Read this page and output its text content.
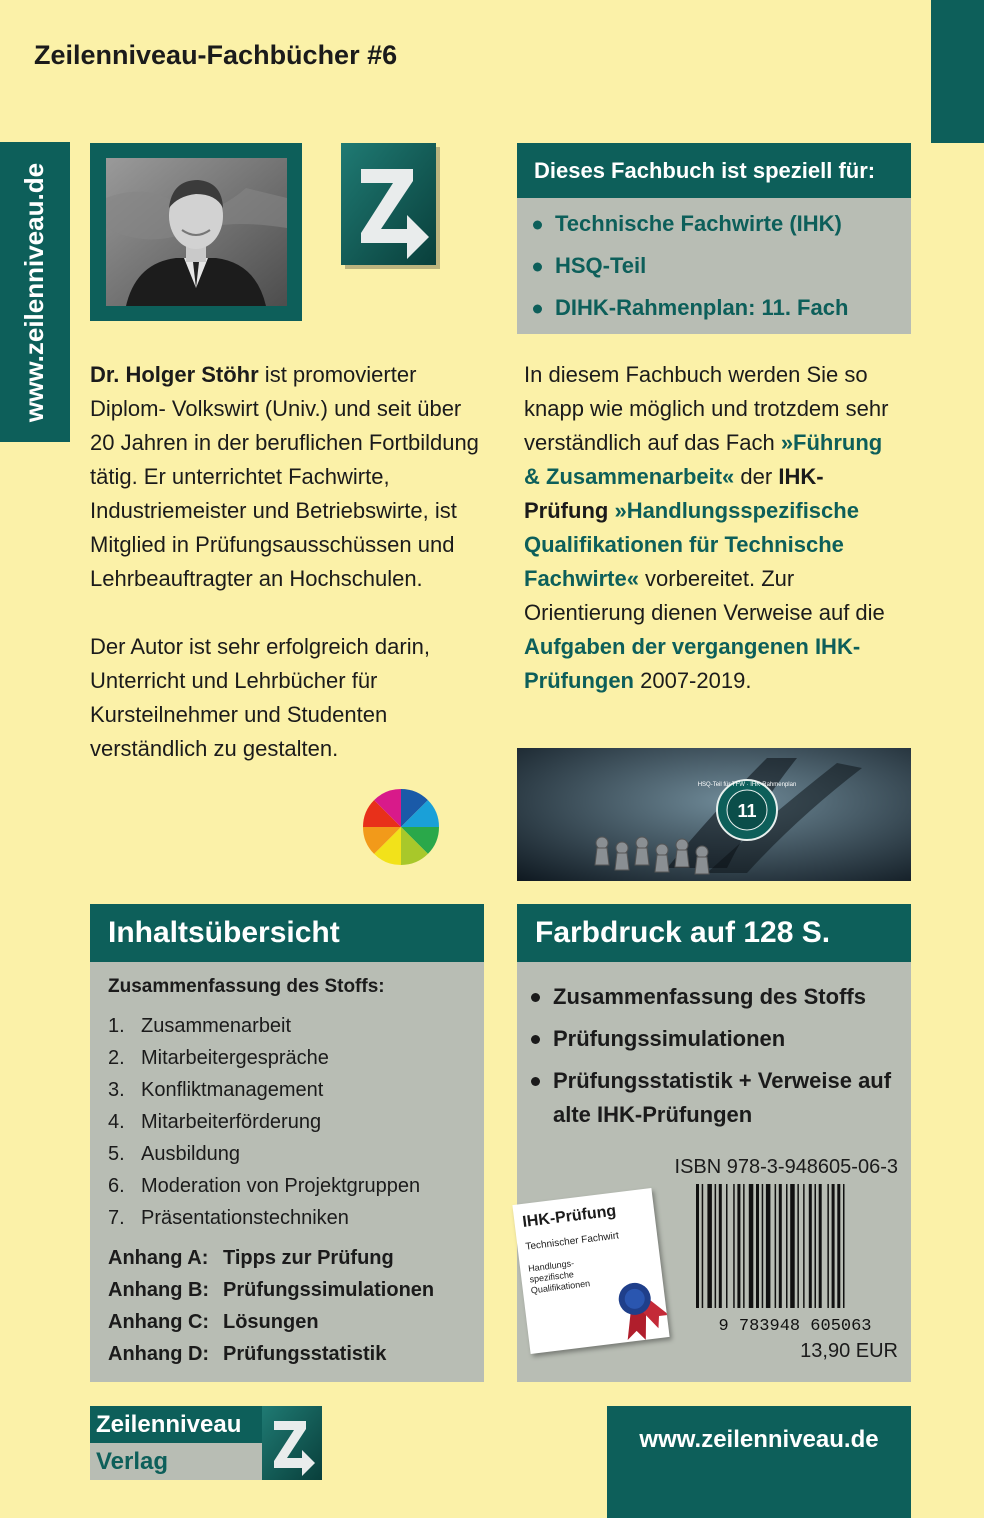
Zeilenniveau-Fachbücher #6
www.zeilenniveau.de	Dieses Fachbuch ist speziell für:
Technische Fachwirte (IHK)
HSQ-Teil
DIHK-Rahmenplan: 11. Fach

Dr. Holger Stöhr ist promovierter Diplom- Volkswirt (Univ.) und seit über 20 Jahren in der beruflichen Fortbildung tätig. Er unterrichtet Fachwirte, Industriemeister und Betriebswirte, ist Mitglied in Prüfungsausschüssen und Lehrbeauftragter an Hochschulen.

Der Autor ist sehr erfolgreich darin, Unterricht und Lehrbücher für Kursteilnehmer und Studenten verständlich zu gestalten.

In diesem Fachbuch werden Sie so knapp wie möglich und trotzdem sehr verständlich auf das Fach »Führung & Zusammenarbeit« der IHK-Prüfung »Handlungsspezifische Qualifikationen für Technische Fachwirte« vorbereitet. Zur Orientierung dienen Verweise auf die Aufgaben der vergangenen IHK-Prüfungen 2007-2019.
11
HSQ-Teil für TFW · IHK-Rahmenplan
Inhaltsübersicht
Zusammenfassung des Stoffs:
1. Zusammenarbeit
2. Mitarbeitergespräche
3. Konfliktmanagement
4. Mitarbeiterförderung
5. Ausbildung
6. Moderation von Projektgruppen
7. Präsentationstechniken
Anhang A: Tipps zur Prüfung
Anhang B: Prüfungssimulationen
Anhang C: Lösungen
Anhang D: Prüfungsstatistik
Farbdruck auf 128 S.
Zusammenfassung des Stoffs
Prüfungssimulationen
Prüfungsstatistik + Verweise auf alte IHK-Prüfungen
ISBN 978-3-948605-06-3
9 783948 605063
13,90 EUR
IHK-Prüfung
Technischer Fachwirt
Handlungs-spezifische Qualifikationen
Zeilenniveau
Verlag
www.zeilenniveau.de
